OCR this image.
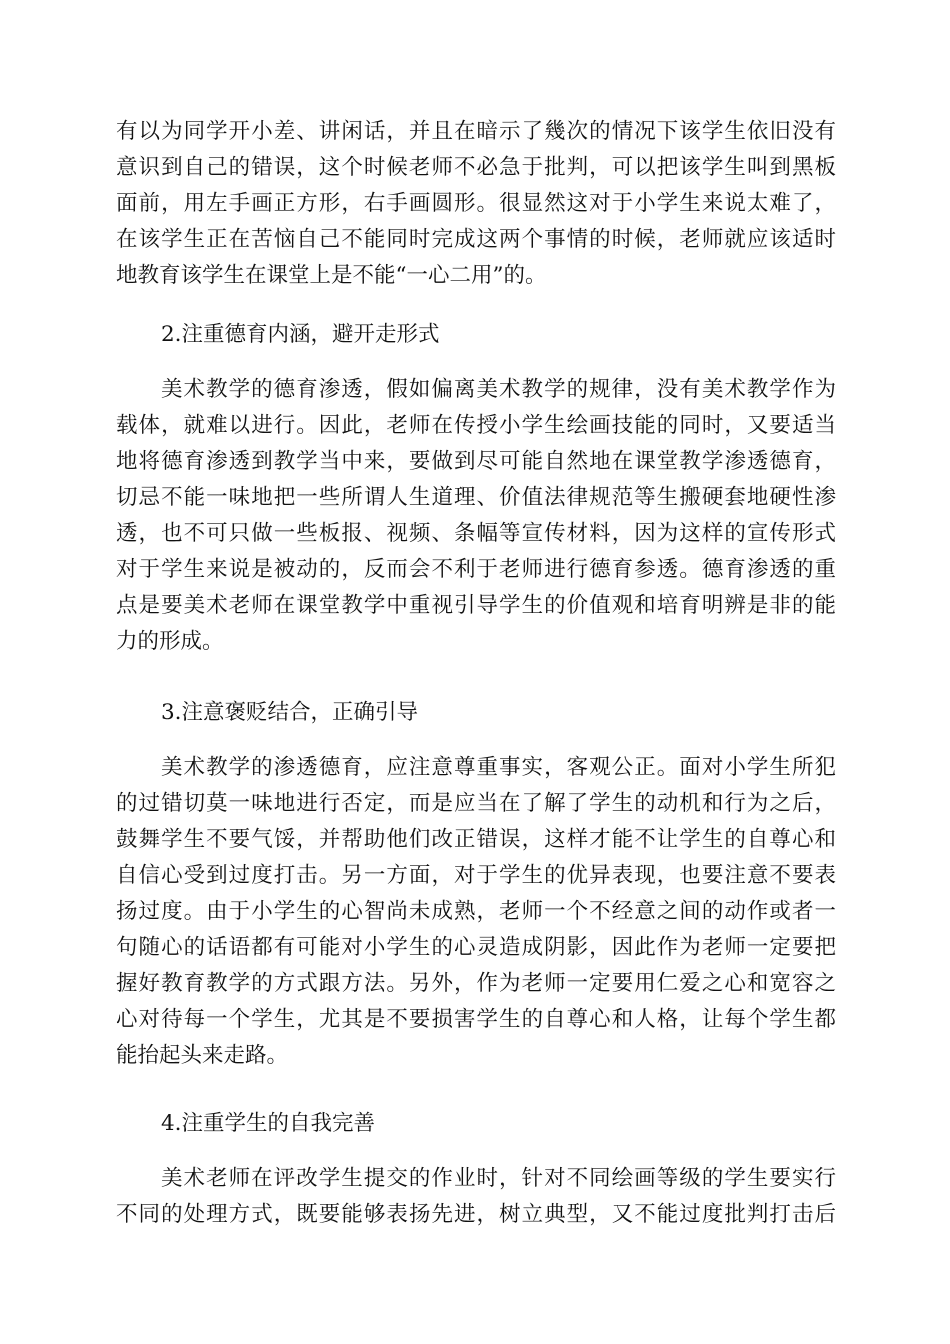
有以为同学开小差、讲闲话，并且在暗示了幾次的情况下该学生依旧没有
意识到自己的错误，这个时候老师不必急于批判，可以把该学生叫到黑板
面前，用左手画正方形，右手画圆形。很显然这对于小学生来说太难了，
在该学生正在苦恼自己不能同时完成这两个事情的时候，老师就应该适时
地教育该学生在课堂上是不能“一心二用”的。
2.注重德育内涵，避开走形式
美术教学的德育渗透，假如偏离美术教学的规律，没有美术教学作为
载体，就难以进行。因此，老师在传授小学生绘画技能的同时，又要适当
地将德育渗透到教学当中来，要做到尽可能自然地在课堂教学渗透德育，
切忌不能一味地把一些所谓人生道理、价值法律规范等生搬硬套地硬性渗
透，也不可只做一些板报、视频、条幅等宣传材料，因为这样的宣传形式
对于学生来说是被动的，反而会不利于老师进行德育参透。德育渗透的重
点是要美术老师在课堂教学中重视引导学生的价值观和培育明辨是非的能
力的形成。
3.注意褒贬结合，正确引导
美术教学的渗透德育，应注意尊重事实，客观公正。面对小学生所犯
的过错切莫一味地进行否定，而是应当在了解了学生的动机和行为之后，
鼓舞学生不要气馁，并帮助他们改正错误，这样才能不让学生的自尊心和
自信心受到过度打击。另一方面，对于学生的优异表现，也要注意不要表
扬过度。由于小学生的心智尚未成熟，老师一个不经意之间的动作或者一
句随心的话语都有可能对小学生的心灵造成阴影，因此作为老师一定要把
握好教育教学的方式跟方法。另外，作为老师一定要用仁爱之心和宽容之
心对待每一个学生，尤其是不要损害学生的自尊心和人格，让每个学生都
能抬起头来走路。
4.注重学生的自我完善
美术老师在评改学生提交的作业时，针对不同绘画等级的学生要实行
不同的处理方式，既要能够表扬先进，树立典型，又不能过度批判打击后
